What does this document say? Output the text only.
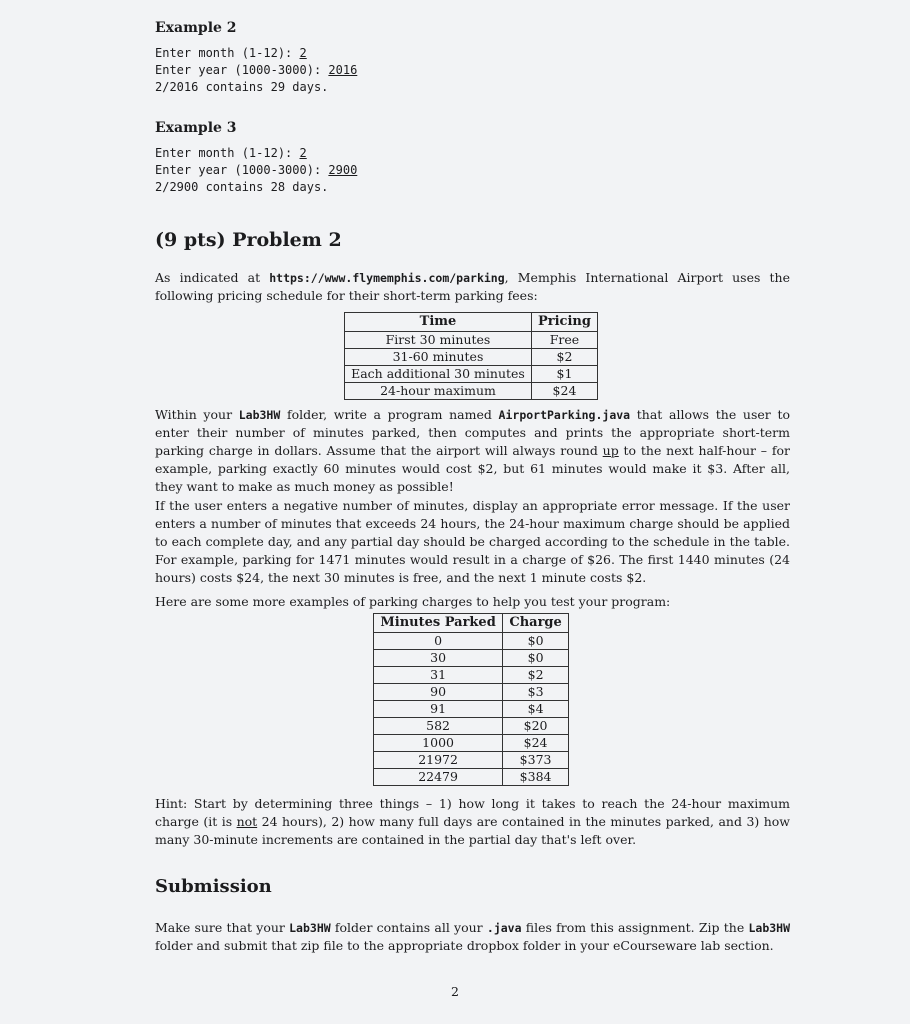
Example 2
Enter month (1-12): 2
Enter year (1000-3000): 2016
2/2016 contains 29 days.
Example 3
Enter month (1-12): 2
Enter year (1000-3000): 2900
2/2900 contains 28 days.
(9 pts) Problem 2

As indicated at https://www.flymemphis.com/parking, Memphis International Airport uses the following pricing schedule for their short-term parking fees:

Time	Pricing
First 30 minutes	Free
31-60 minutes	$2
Each additional 30 minutes	$1
24-hour maximum	$24

Within your Lab3HW folder, write a program named AirportParking.java that allows the user to enter their number of minutes parked, then computes and prints the appropriate short-term parking charge in dollars. Assume that the airport will always round up to the next half-hour – for example, parking exactly 60 minutes would cost $2, but 61 minutes would make it $3. After all, they want to make as much money as possible!

If the user enters a negative number of minutes, display an appropriate error message. If the user enters a number of minutes that exceeds 24 hours, the 24-hour maximum charge should be applied to each complete day, and any partial day should be charged according to the schedule in the table. For example, parking for 1471 minutes would result in a charge of $26. The first 1440 minutes (24 hours) costs $24, the next 30 minutes is free, and the next 1 minute costs $2.

Here are some more examples of parking charges to help you test your program:

Minutes Parked	Charge
0	$0
30	$0
31	$2
90	$3
91	$4
582	$20
1000	$24
21972	$373
22479	$384

Hint: Start by determining three things – 1) how long it takes to reach the 24-hour maximum charge (it is not 24 hours), 2) how many full days are contained in the minutes parked, and 3) how many 30-minute increments are contained in the partial day that's left over.

Submission

Make sure that your Lab3HW folder contains all your .java files from this assignment. Zip the Lab3HW folder and submit that zip file to the appropriate dropbox folder in your eCourseware lab section.

2
